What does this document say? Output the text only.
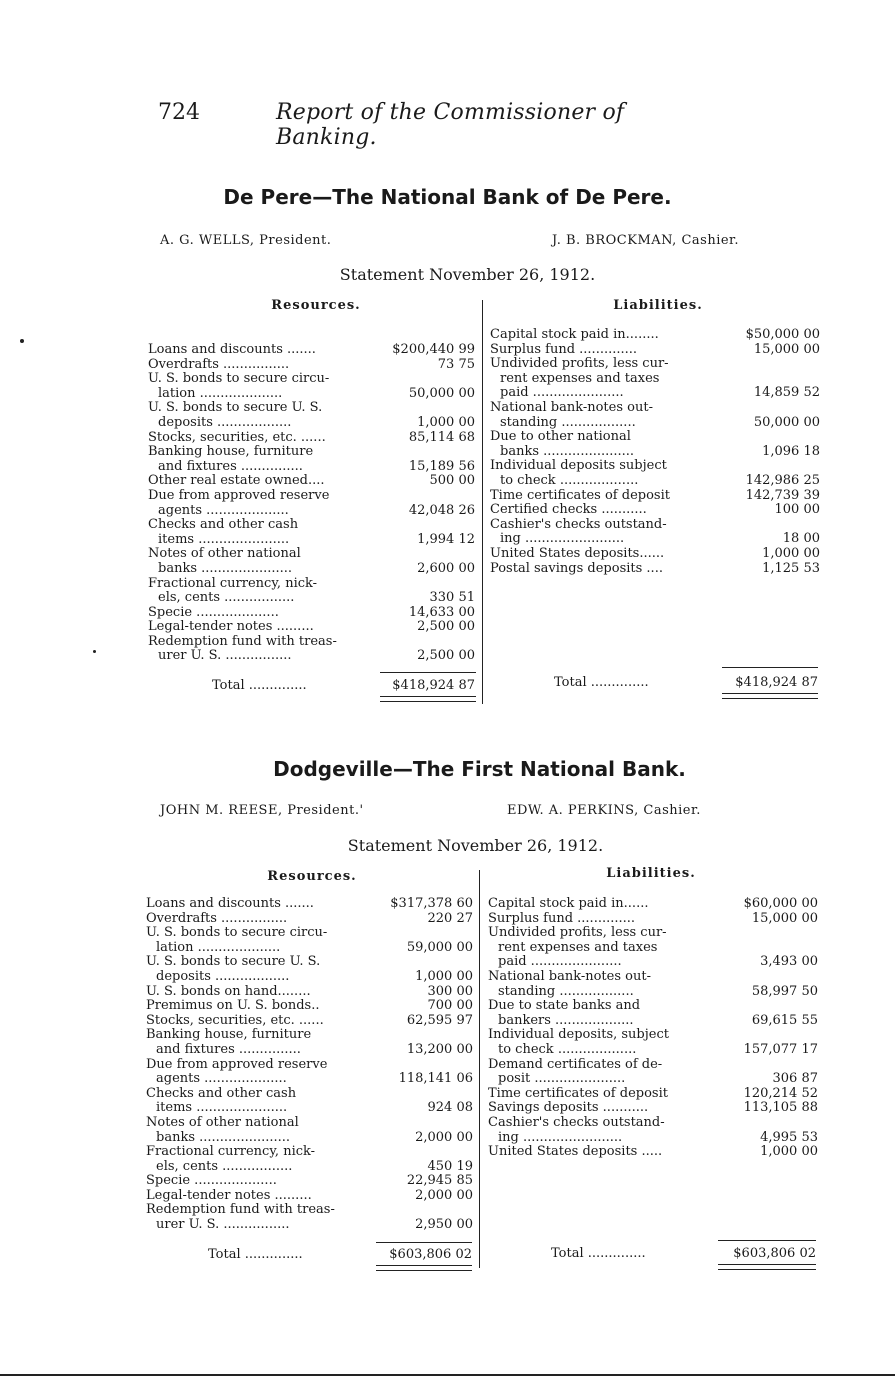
724	Report of the Commissioner of Banking.
De Pere—The National Bank of De Pere.
A. G. WELLS, President.	J. B. BROCKMAN, Cashier.
Statement November 26, 1912.
Resources.	Liabilities.
Loans and discounts .......	$200,440 99
Overdrafts ................	73 75
U. S. bonds to secure circu-
lation ....................	50,000 00
U. S. bonds to secure U. S.
deposits ..................	1,000 00
Stocks, securities, etc. ......	85,114 68
Banking house, furniture
and fixtures ...............	15,189 56
Other real estate owned....	500 00
Due from approved reserve
agents ....................	42,048 26
Checks and other cash
items ......................	1,994 12
Notes of other national
banks ......................	2,600 00
Fractional currency, nick-
els, cents .................	330 51
Specie ....................	14,633 00
Legal-tender notes .........	2,500 00
Redemption fund with treas-
urer U. S. ................	2,500 00
Capital stock paid in........	$50,000 00
Surplus fund ..............	15,000 00
Undivided profits, less cur-
rent expenses and taxes
paid ......................	14,859 52
National bank-notes out-
standing ..................	50,000 00
Due to other national
banks ......................	1,096 18
Individual deposits subject
to check ...................	142,986 25
Time certificates of deposit	142,739 39
Certified checks ...........	100 00
Cashier's checks outstand-
ing ........................	18 00
United States deposits......	1,000 00
Postal savings deposits ....	1,125 53
Total ..............	$418,924 87	Total ..............	$418,924 87
Dodgeville—The First National Bank.
JOHN M. REESE, President.'	EDW. A. PERKINS, Cashier.
Statement November 26, 1912.
Resources.	Liabilities.
Loans and discounts .......	$317,378 60
Overdrafts ................	220 27
U. S. bonds to secure circu-
lation ....................	59,000 00
U. S. bonds to secure U. S.
deposits ..................	1,000 00
U. S. bonds on hand........	300 00
Premimus on U. S. bonds..	700 00
Stocks, securities, etc. ......	62,595 97
Banking house, furniture
and fixtures ...............	13,200 00
Due from approved reserve
agents ....................	118,141 06
Checks and other cash
items ......................	924 08
Notes of other national
banks ......................	2,000 00
Fractional currency, nick-
els, cents .................	450 19
Specie ....................	22,945 85
Legal-tender notes .........	2,000 00
Redemption fund with treas-
urer U. S. ................	2,950 00
Capital stock paid in......	$60,000 00
Surplus fund ..............	15,000 00
Undivided profits, less cur-
rent expenses and taxes
paid ......................	3,493 00
National bank-notes out-
standing ..................	58,997 50
Due to state banks and
bankers ...................	69,615 55
Individual deposits, subject
to check ...................	157,077 17
Demand certificates of de-
posit ......................	306 87
Time certificates of deposit	120,214 52
Savings deposits ...........	113,105 88
Cashier's checks outstand-
ing ........................	4,995 53
United States deposits .....	1,000 00
Total ..............	$603,806 02	Total ..............	$603,806 02
